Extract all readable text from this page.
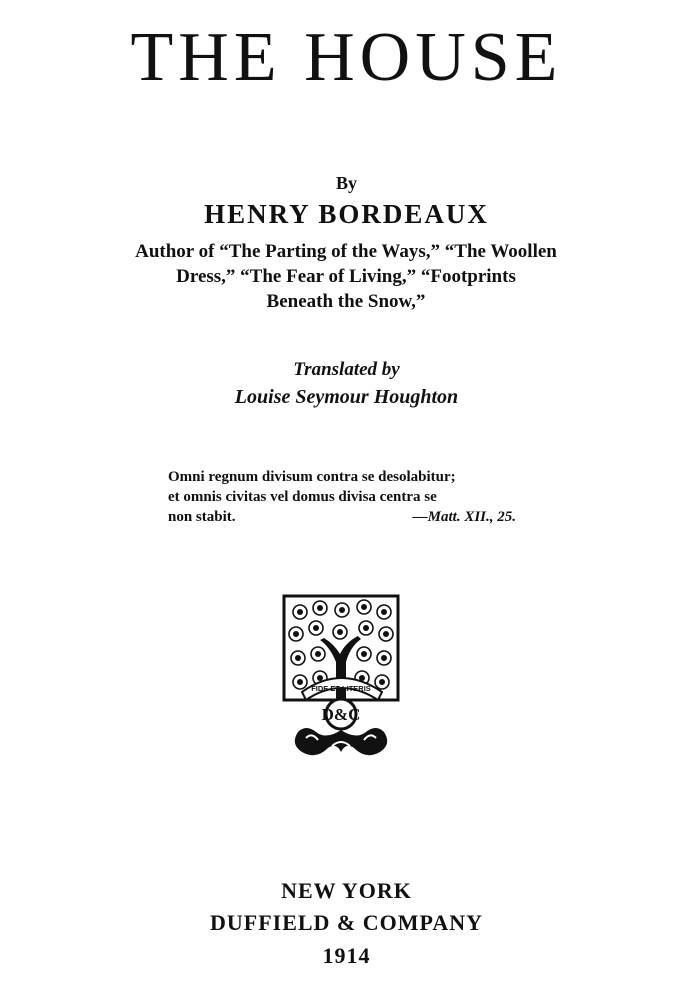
THE HOUSE
By
HENRY BORDEAUX
Author of “The Parting of the Ways,” “The Woollen
Dress,” “The Fear of Living,” “Footprints
Beneath the Snow,”
Translated by
Louise Seymour Houghton
Omni regnum divisum contra se desolabitur;
et omnis civitas vel domus divisa centra se
non stabit.	—Matt. XII., 25.
FIDE ET LITERIS
D&C
NEW YORK
DUFFIELD & COMPANY
1914
